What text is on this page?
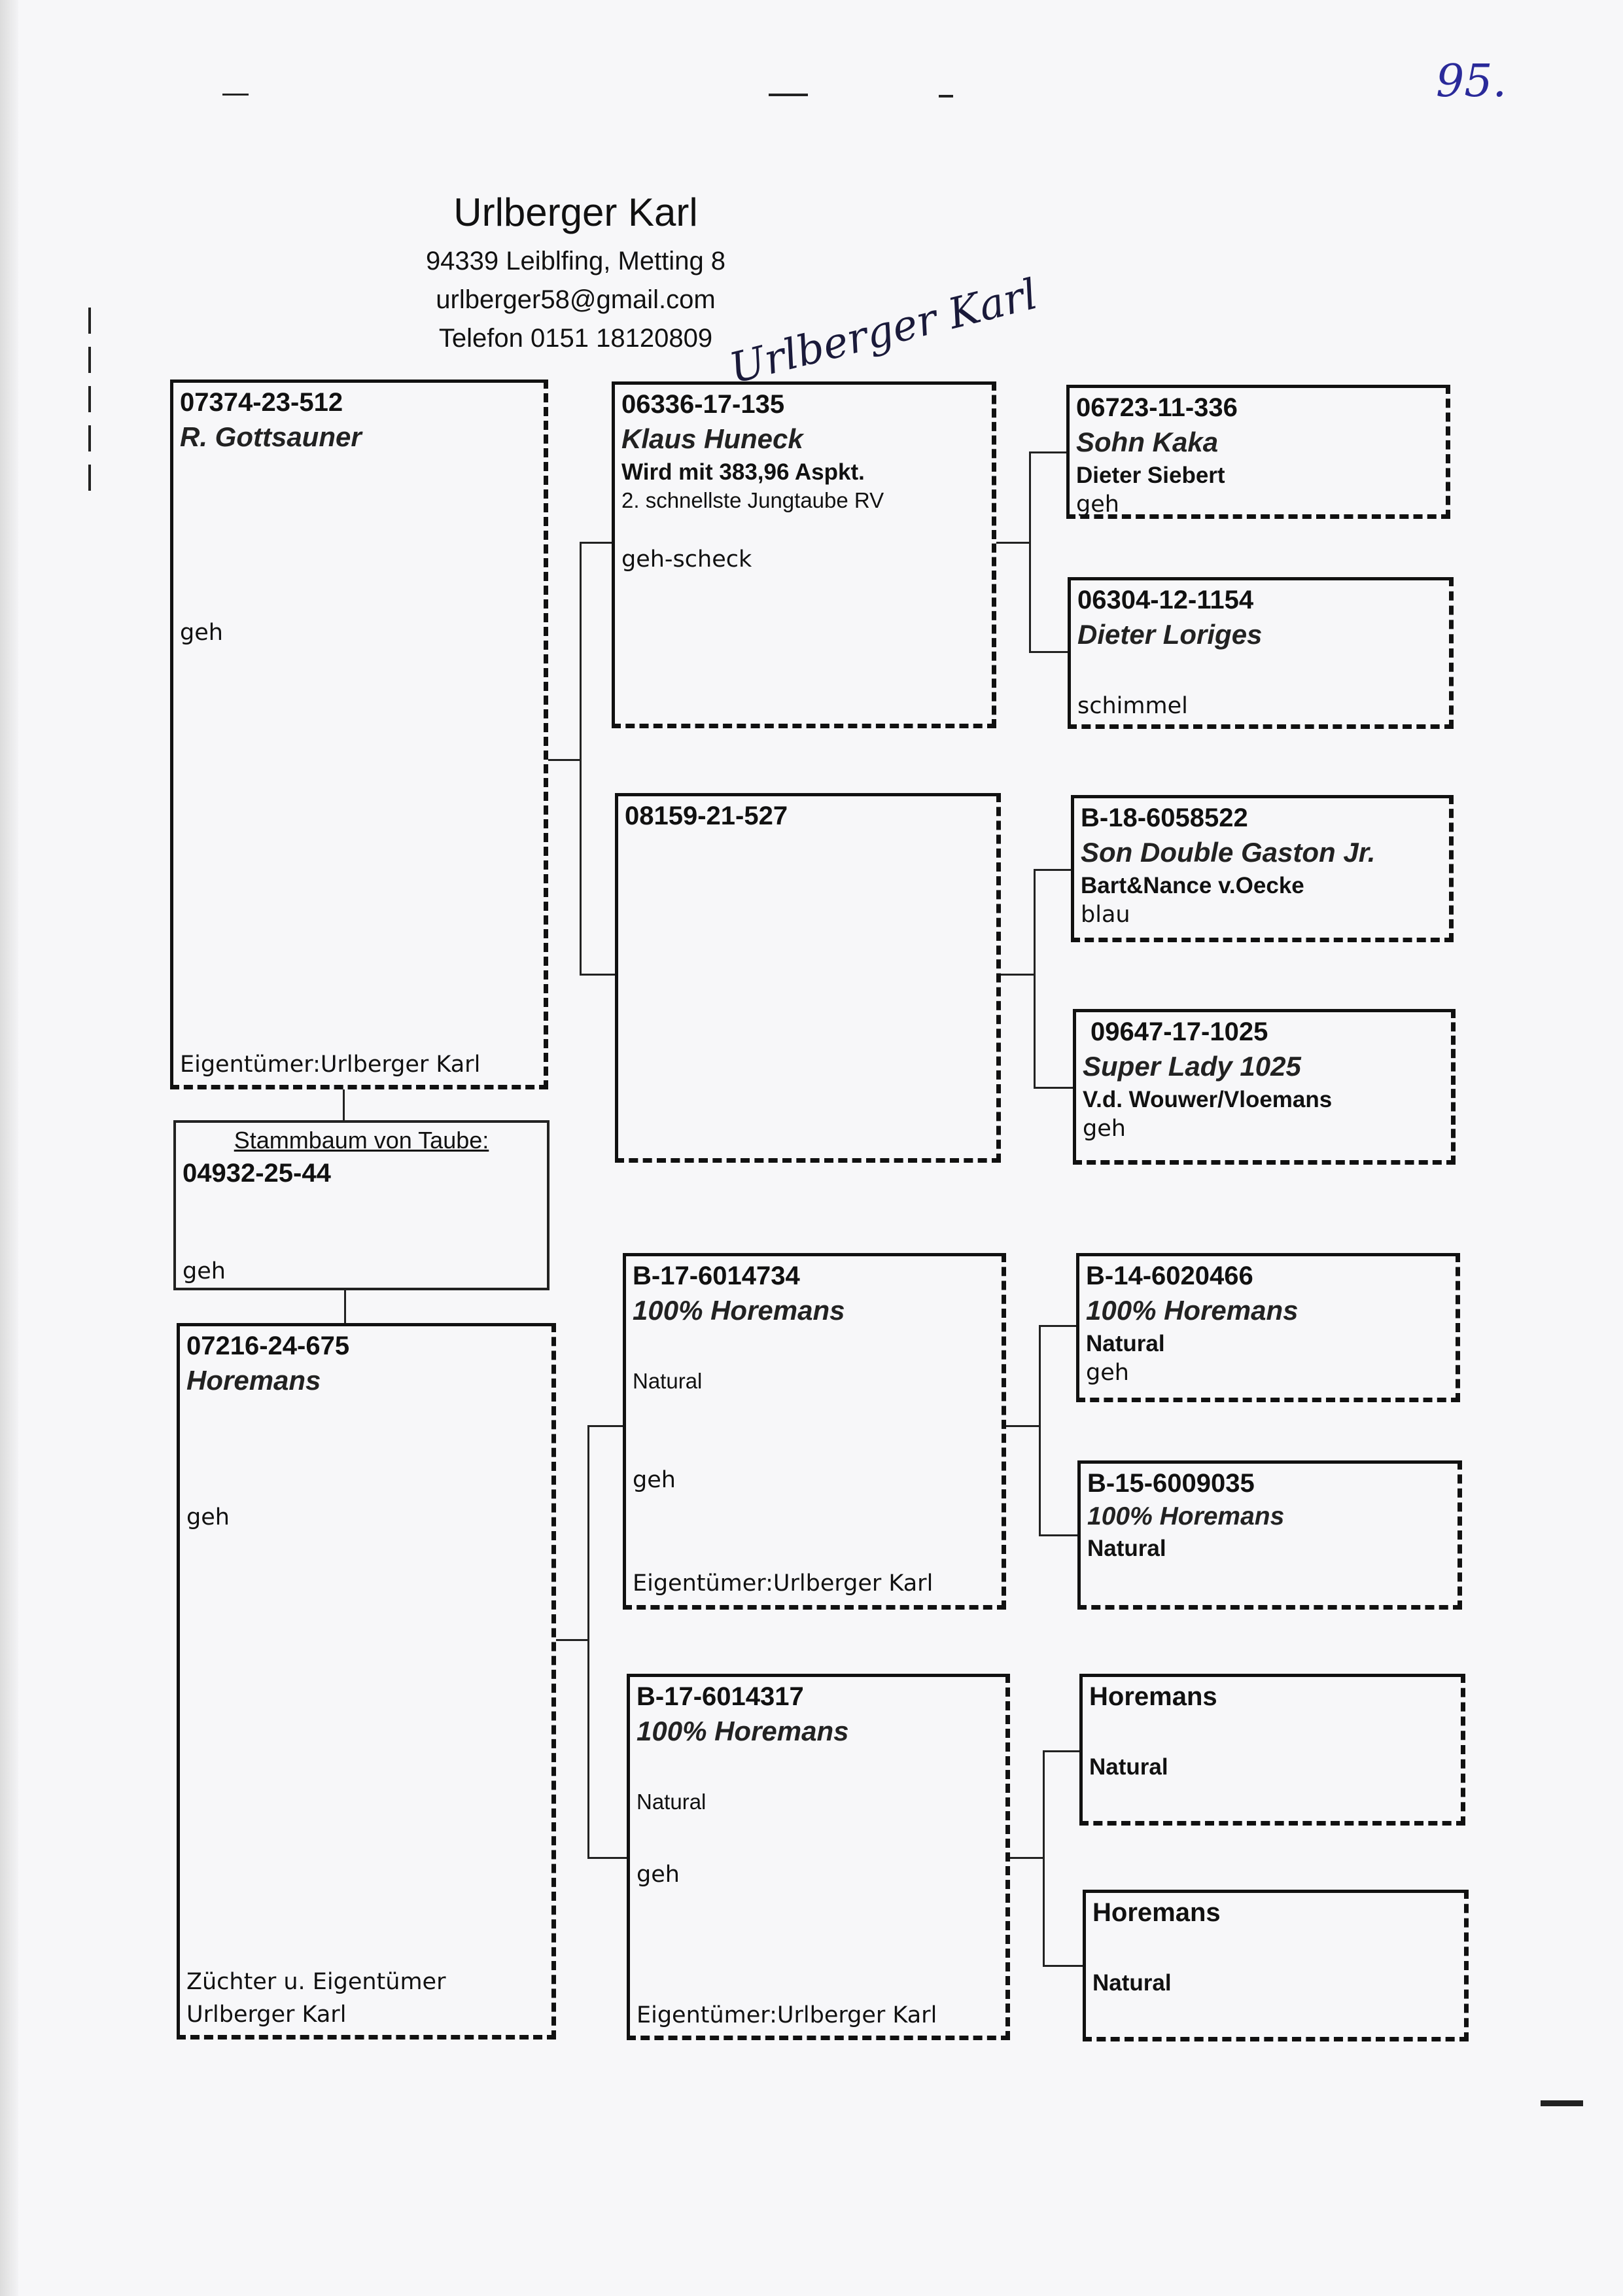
95.
Urlberger Karl
94339 Leiblfing, Metting 8
urlberger58@gmail.com
Telefon 0151 18120809 Urlberger Karl
07374-23-512
R. Gottsauner
geh
Eigentümer:Urlberger Karl
Stammbaum von Taube:
04932-25-44
geh
07216-24-675
Horemans
geh
Züchter u. Eigentümer
Urlberger Karl
06336-17-135
Klaus Huneck
Wird mit 383,96 Aspkt.
2. schnellste Jungtaube RV
geh-scheck
08159-21-527
B-17-6014734
100% Horemans
Natural
geh
Eigentümer:Urlberger Karl
B-17-6014317
100% Horemans
Natural
geh
Eigentümer:Urlberger Karl
06723-11-336
Sohn Kaka
Dieter Siebert
geh
06304-12-1154
Dieter Loriges
schimmel
B-18-6058522
Son Double Gaston Jr.
Bart&Nance v.Oecke
blau
09647-17-1025
Super Lady 1025
V.d. Wouwer/Vloemans
geh
B-14-6020466
100% Horemans
Natural
geh
B-15-6009035
100% Horemans
Natural
Horemans
Natural
Horemans
Natural
